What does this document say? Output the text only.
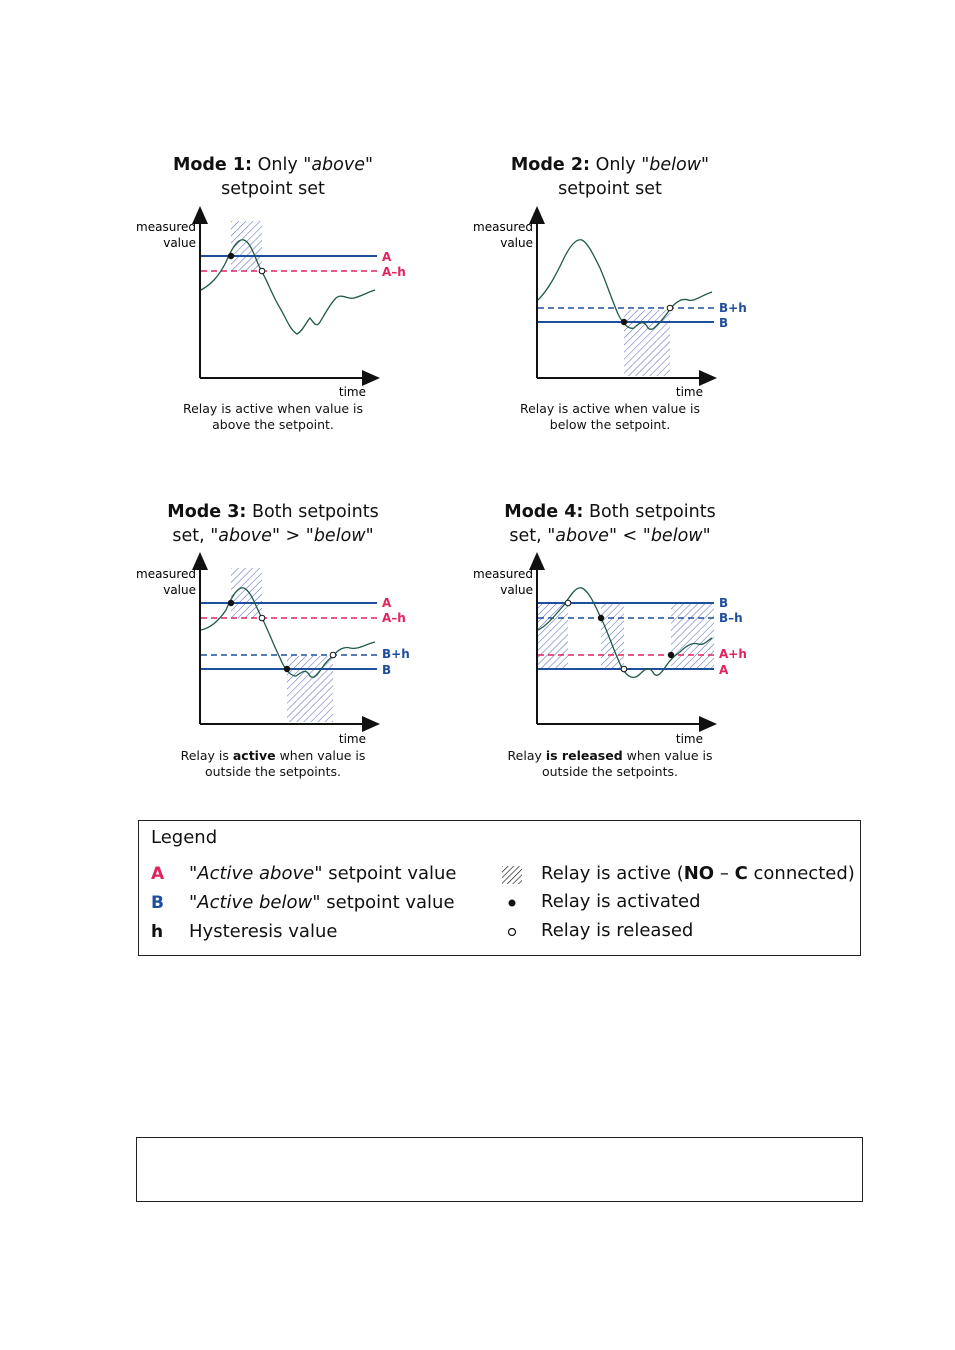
Mode 1: Only "above"
setpoint set
Mode 2: Only "below"
setpoint set
Mode 3: Both setpoints
set, "above" > "below"
Mode 4: Both setpoints
set, "above" < "below"
measured
value
time
A
A–h
measured
value
time
B+h
B
measured
value
time
A
A–h
B+h
B
measured
value
time
B
B–h
A+h
A
Relay is active when value is
above the setpoint.
Relay is active when value is
below the setpoint.
Relay is active when value is
outside the setpoints.
Relay is released when value is
outside the setpoints.
Legend
A "Active above" setpoint value
B "Active below" setpoint value
h Hysteresis value
Relay is active (NO – C connected)
Relay is activated
Relay is released
